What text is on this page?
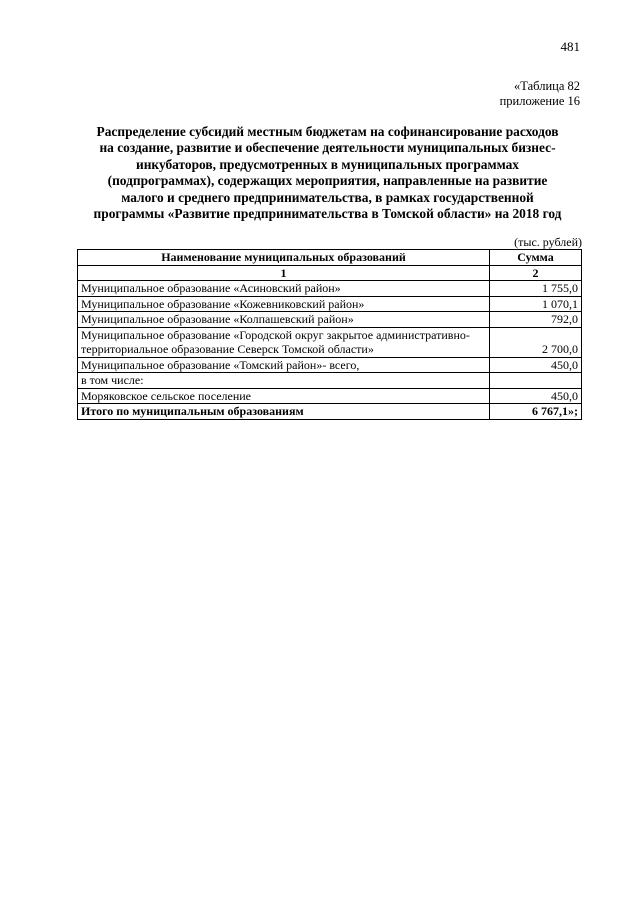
481
«Таблица 82
приложение 16
Распределение субсидий местным бюджетам на софинансирование расходов
на создание, развитие и обеспечение деятельности муниципальных бизнес-
инкубаторов, предусмотренных в муниципальных программах
(подпрограммах), содержащих мероприятия, направленные на развитие
малого и среднего предпринимательства, в рамках государственной
программы «Развитие предпринимательства в Томской области» на 2018 год
(тыс. рублей)
Наименование муниципальных образований	Сумма
1	2
Муниципальное образование «Асиновский район»	1 755,0
Муниципальное образование «Кожевниковский район»	1 070,1
Муниципальное образование «Колпашевский район»	792,0
Муниципальное образование «Городской округ закрытое административно-территориальное образование Северск Томской области»	2 700,0
Муниципальное образование «Томский район»- всего,	450,0
в том числе:	
Моряковское сельское поселение	450,0
Итого по муниципальным образованиям	6 767,1»;
